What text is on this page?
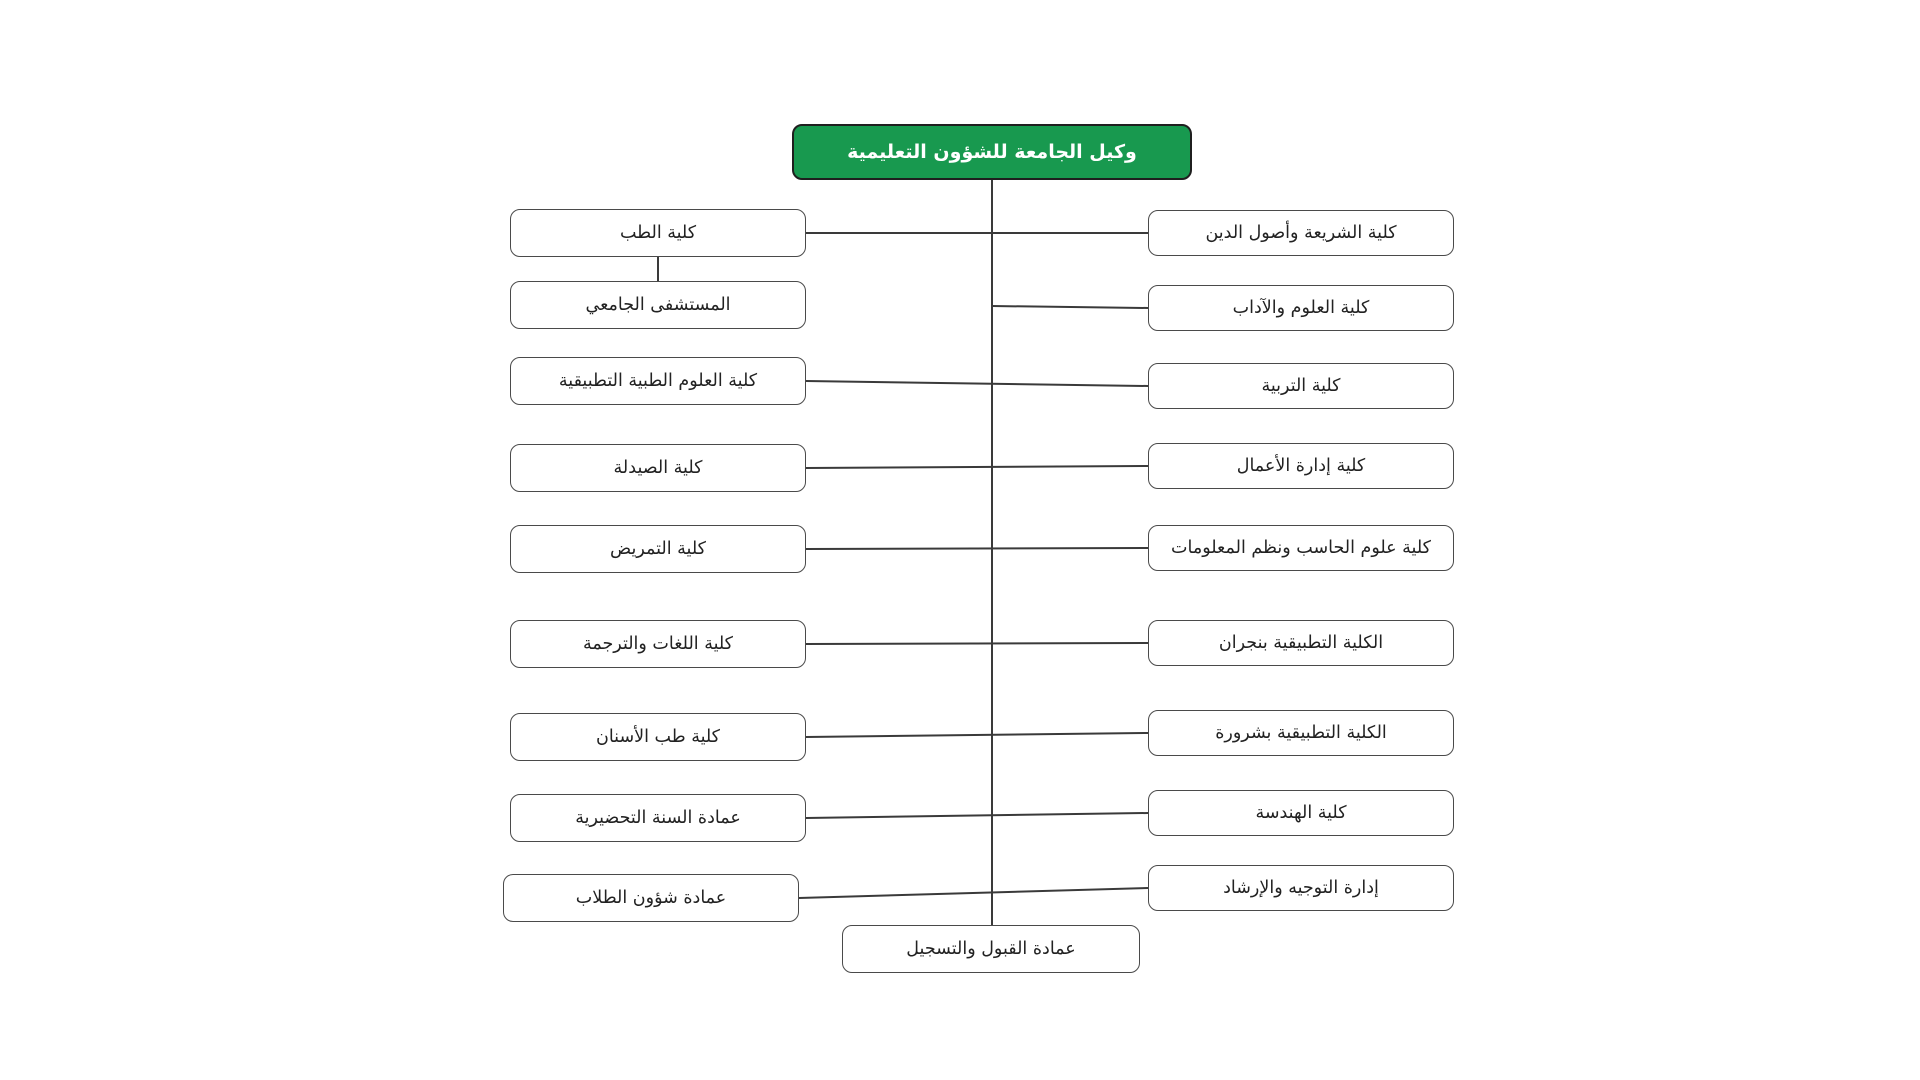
وكيل الجامعة للشؤون التعليمية
كلية الطب
المستشفى الجامعي
كلية العلوم الطبية التطبيقية
كلية الصيدلة
كلية التمريض
كلية اللغات والترجمة
كلية طب الأسنان
عمادة السنة التحضيرية
عمادة شؤون الطلاب
كلية الشريعة وأصول الدين
كلية العلوم والآداب
كلية التربية
كلية إدارة الأعمال
كلية علوم الحاسب ونظم المعلومات
الكلية التطبيقية بنجران
الكلية التطبيقية بشرورة
كلية الهندسة
إدارة التوجيه والإرشاد
عمادة القبول والتسجيل
